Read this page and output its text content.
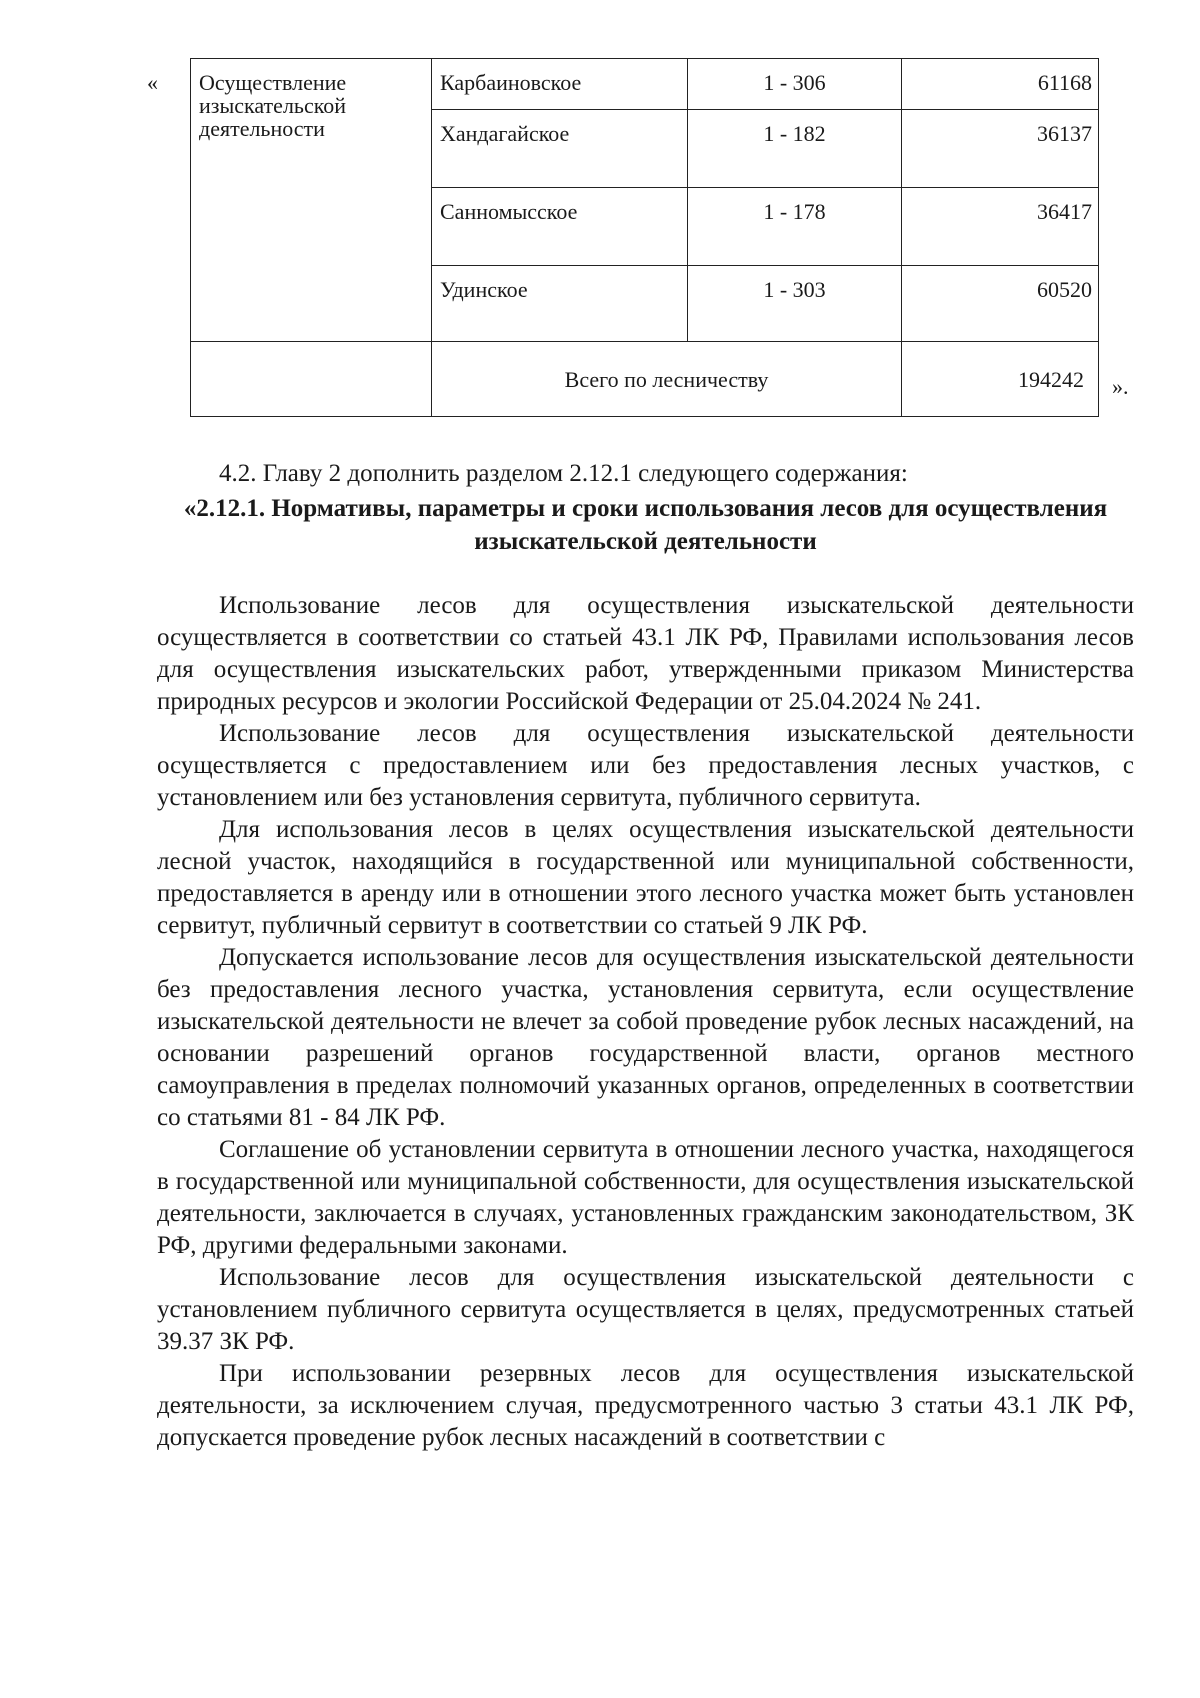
« Осуществление изыскательской деятельности	Карбаиновское	1 - 306	61168
	Хандагайское	1 - 182	36137
	Санномысское	1 - 178	36417
	Удинское	1 - 303	60520
	Всего по лесничеству		194242 ».
4.2. Главу 2 дополнить разделом 2.12.1 следующего содержания:
«2.12.1. Нормативы, параметры и сроки использования лесов для осуществления изыскательской деятельности

Использование лесов для осуществления изыскательской деятельности осуществляется в соответствии со статьей 43.1 ЛК РФ, Правилами использования лесов для осуществления изыскательских работ, утвержденными приказом Министерства природных ресурсов и экологии Российской Федерации от 25.04.2024 № 241.

Использование лесов для осуществления изыскательской деятельности осуществляется с предоставлением или без предоставления лесных участков, с установлением или без установления сервитута, публичного сервитута.

Для использования лесов в целях осуществления изыскательской деятельности лесной участок, находящийся в государственной или муниципальной собственности, предоставляется в аренду или в отношении этого лесного участка может быть установлен сервитут, публичный сервитут в соответствии со статьей 9 ЛК РФ.

Допускается использование лесов для осуществления изыскательской деятельности без предоставления лесного участка, установления сервитута, если осуществление изыскательской деятельности не влечет за собой проведение рубок лесных насаждений, на основании разрешений органов государственной власти, органов местного самоуправления в пределах полномочий указанных органов, определенных в соответствии со статьями 81 - 84 ЛК РФ.

Соглашение об установлении сервитута в отношении лесного участка, находящегося в государственной или муниципальной собственности, для осуществления изыскательской деятельности, заключается в случаях, установленных гражданским законодательством, ЗК РФ, другими федеральными законами.

Использование лесов для осуществления изыскательской деятельности с установлением публичного сервитута осуществляется в целях, предусмотренных статьей 39.37 ЗК РФ.

При использовании резервных лесов для осуществления изыскательской деятельности, за исключением случая, предусмотренного частью 3 статьи 43.1 ЛК РФ, допускается проведение рубок лесных насаждений в соответствии с
